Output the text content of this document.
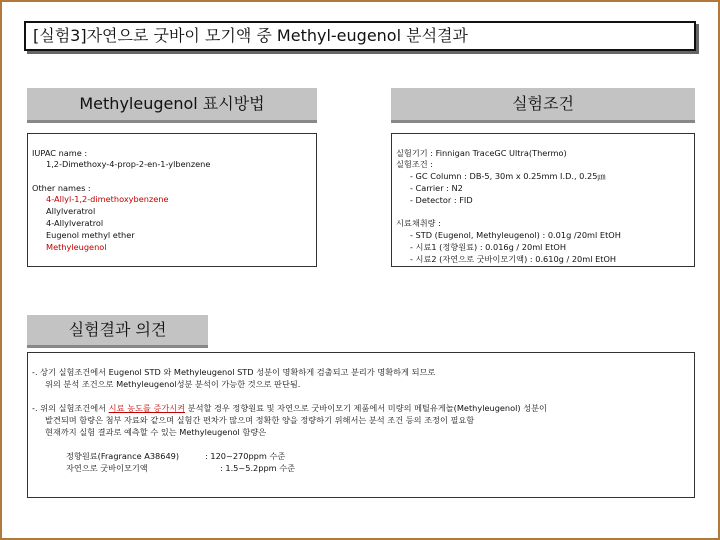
[실험3]자연으로 굿바이 모기액 중 Methyl-eugenol 분석결과
Methyleugenol 표시방법	실험조건
IUPAC name :
1,2-Dimethoxy-4-prop-2-en-1-ylbenzene
Other names :
4-Allyl-1,2-dimethoxybenzene
Allylveratrol
4-Allylveratrol
Eugenol methyl ether
Methyleugenol
실험기기 : Finnigan TraceGC Ultra(Thermo)
실험조건 :
- GC Column : DB-5, 30m x 0.25mm I.D., 0.25㎛
- Carrier : N2
- Detector : FID
시료채취량 :
- STD (Eugenol, Methyleugenol) : 0.01g /20ml EtOH
- 시료1 (정향원료) : 0.016g / 20ml EtOH
- 시료2 (자연으로 굿바이모기액) : 0.610g / 20ml EtOH
실험결과 의견
-. 상기 실험조건에서 Eugenol STD 와 Methyleugenol STD 성분이 명확하게 검출되고 분리가 명확하게 되므로
위의 분석 조건으로 Methyleugenol성분 분석이 가능한 것으로 판단됨.
-. 위의 실험조건에서 시료 농도를 증가시켜 분석할 경우 정향원료 및 자연으로 굿바이모기 제품에서 미량의 메틸유게놀(Methyleugenol) 성분이
발견되며 함량은 첨부 자료와 같으며 실험간 편차가 많으며 정확한 양을 정량하기 위해서는 분석 조건 등의 조정이 필요함
현재까지 실험 결과로 예측할 수 있는 Methyleugenol 함량은
정향원료(Fragrance A38649)	: 120~270ppm 수준
자연으로 굿바이모기액	: 1.5~5.2ppm 수준
